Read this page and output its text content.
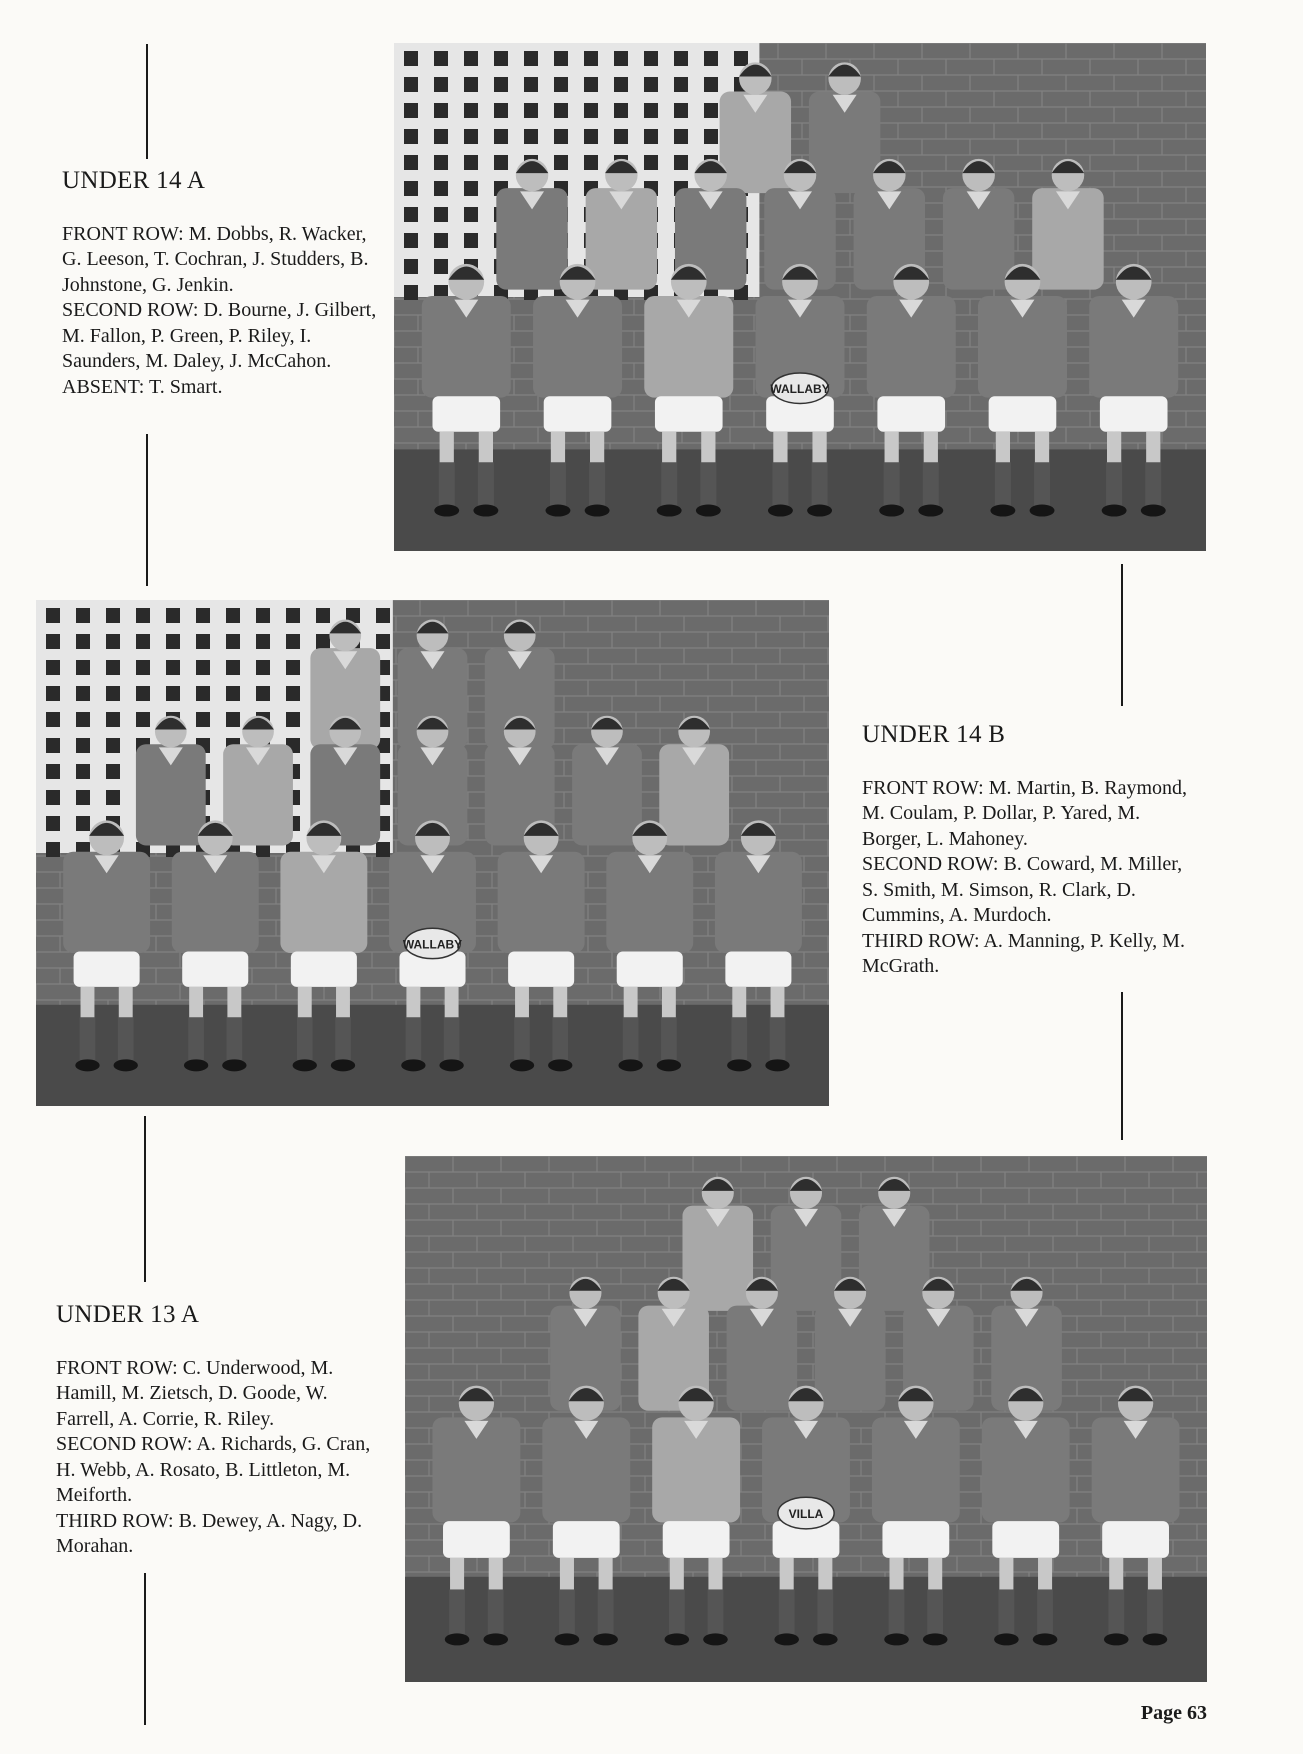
UNDER 14 A

FRONT ROW: M. Dobbs, R. Wacker, G. Leeson, T. Cochran, J. Studders, B. Johnstone, G. Jenkin.
SECOND ROW: D. Bourne, J. Gilbert, M. Fallon, P. Green, P. Riley, I. Saunders, M. Daley, J. McCahon.
ABSENT: T. Smart.	WALLABY
WALLABY
UNDER 14 B

FRONT ROW: M. Martin, B. Raymond, M. Coulam, P. Dollar, P. Yared, M. Borger, L. Mahoney.
SECOND ROW: B. Coward, M. Miller, S. Smith, M. Simson, R. Clark, D. Cummins, A. Murdoch.
THIRD ROW: A. Manning, P. Kelly, M. McGrath.

UNDER 13 A

FRONT ROW: C. Underwood, M. Hamill, M. Zietsch, D. Goode, W. Farrell, A. Corrie, R. Riley.
SECOND ROW: A. Richards, G. Cran, H. Webb, A. Rosato, B. Littleton, M. Meiforth.
THIRD ROW: B. Dewey, A. Nagy, D. Morahan.

VILLA
Page 63
